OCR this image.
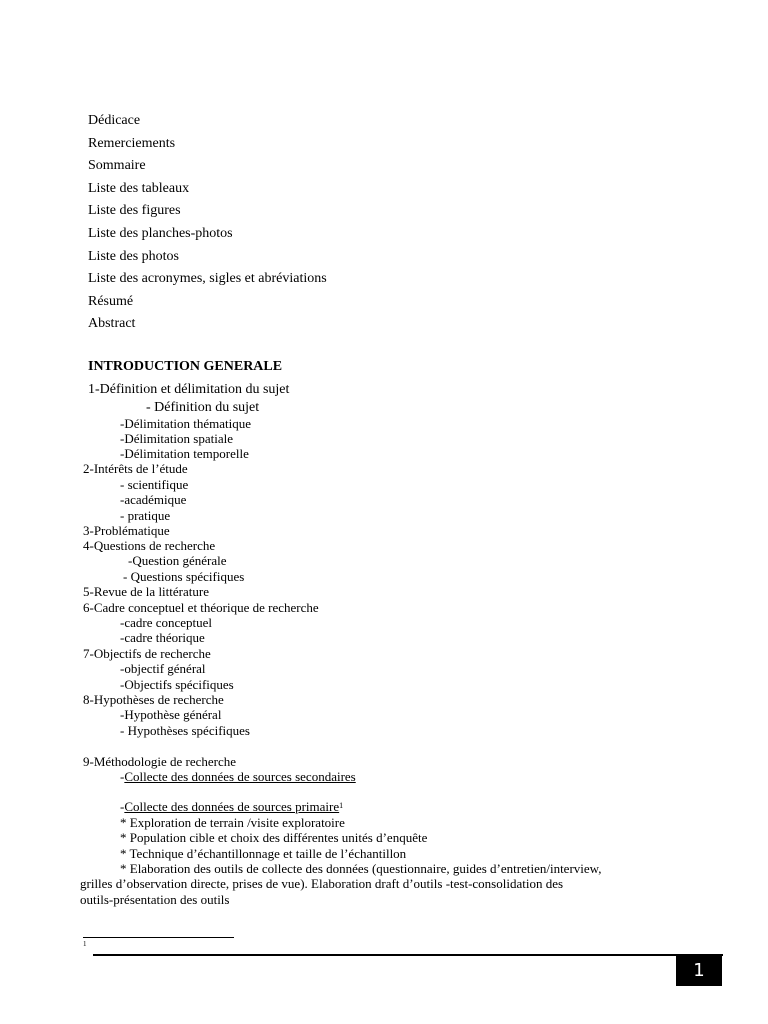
Dédicace
Remerciements
Sommaire
Liste des tableaux
Liste des figures
Liste des planches-photos
Liste des photos
Liste des acronymes, sigles et abréviations
Résumé
Abstract
INTRODUCTION GENERALE
1-Définition et délimitation du sujet
- Définition du sujet
-Délimitation thématique
-Délimitation spatiale
-Délimitation temporelle
2-Intérêts de l’étude
- scientifique
-académique
- pratique
3-Problématique
4-Questions de recherche
-Question générale
- Questions spécifiques
5-Revue de la littérature
6-Cadre conceptuel et théorique de recherche
-cadre conceptuel
-cadre théorique
7-Objectifs de recherche
-objectif général
-Objectifs spécifiques
8-Hypothèses de recherche
-Hypothèse général
- Hypothèses spécifiques
9-Méthodologie de recherche
-Collecte des données de sources secondaires
-Collecte des données de sources primaire$^1$
* Exploration de terrain /visite exploratoire
* Population cible et choix des différentes unités d’enquête
* Technique d’échantillonnage et taille de l’échantillon
* Elaboration des outils de collecte des données (questionnaire, guides d’entretien/interview,
grilles d’observation directe, prises de vue). Elaboration draft d’outils -test-consolidation des
outils-présentation des outils
1
1
